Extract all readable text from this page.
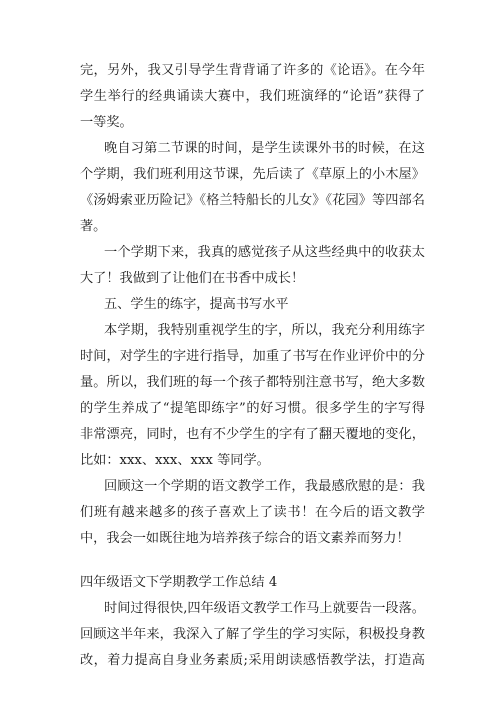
完，另外，我又引导学生背背诵了许多的《论语》。在今年
学生举行的经典诵读大赛中，我们班演绎的“论语”获得了
一等奖。
晚自习第二节课的时间，是学生读课外书的时候，在这
个学期，我们班利用这节课，先后读了《草原上的小木屋》
《汤姆索亚历险记》《格兰特船长的儿女》《花园》等四部名
著。
一个学期下来，我真的感觉孩子从这些经典中的收获太
大了！我做到了让他们在书香中成长！
五、学生的练字，提高书写水平
本学期，我特别重视学生的字，所以，我充分利用练字
时间，对学生的字进行指导，加重了书写在作业评价中的分
量。所以，我们班的每一个孩子都特别注意书写，绝大多数
的学生养成了“提笔即练字”的好习惯。很多学生的字写得
非常漂亮，同时，也有不少学生的字有了翻天覆地的变化，
比如：xxx、xxx、xxx 等同学。
回顾这一个学期的语文教学工作，我最感欣慰的是：我
们班有越来越多的孩子喜欢上了读书！在今后的语文教学
中，我会一如既往地为培养孩子综合的语文素养而努力！
四年级语文下学期教学工作总结 4
时间过得很快,四年级语文教学工作马上就要告一段落。
回顾这半年来，我深入了解了学生的学习实际，积极投身教
改，着力提高自身业务素质;采用朗读感悟教学法，打造高
